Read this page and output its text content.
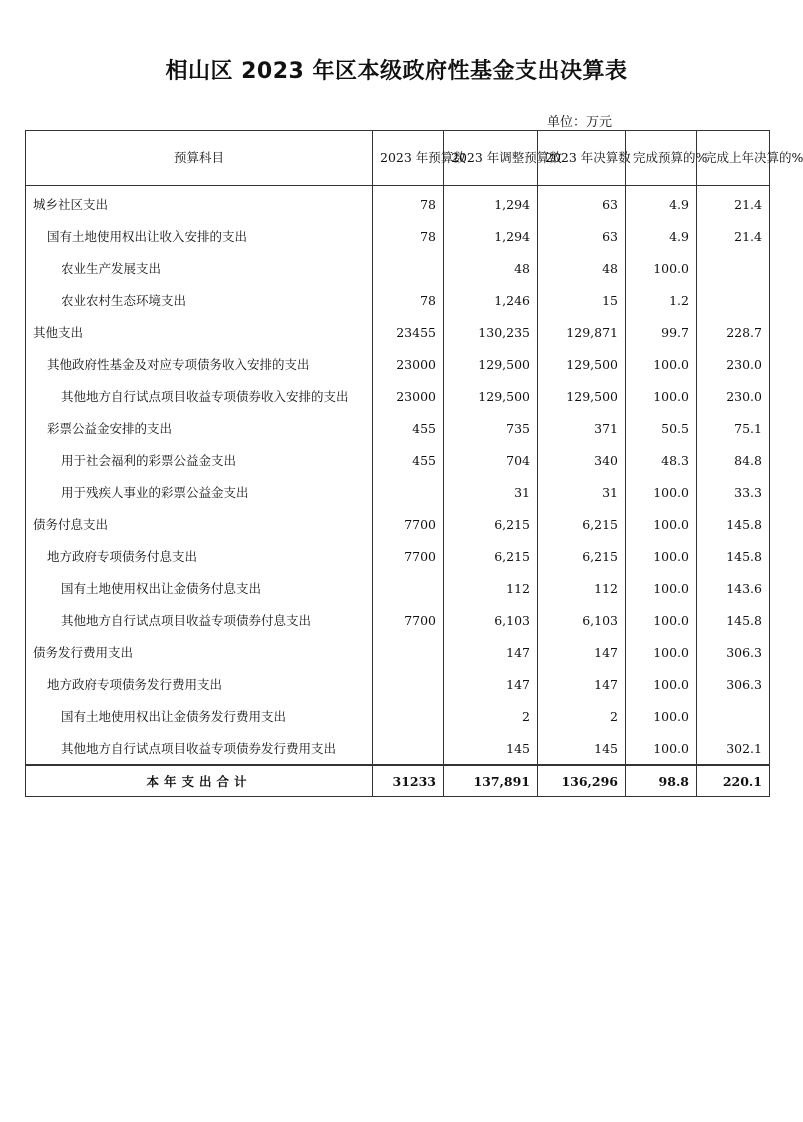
相山区 2023 年区本级政府性基金支出决算表
单位：万元
预算科目	2023 年预算数	2023 年调整预算数	2023 年决算数	完成预算的%	完成上年决算的%
城乡社区支出	78	1,294	63	4.9	21.4
国有土地使用权出让收入安排的支出	78	1,294	63	4.9	21.4
农业生产发展支出		48	48	100.0	
农业农村生态环境支出	78	1,246	15	1.2	
其他支出	23455	130,235	129,871	99.7	228.7
其他政府性基金及对应专项债务收入安排的支出	23000	129,500	129,500	100.0	230.0
其他地方自行试点项目收益专项债券收入安排的支出	23000	129,500	129,500	100.0	230.0
彩票公益金安排的支出	455	735	371	50.5	75.1
用于社会福利的彩票公益金支出	455	704	340	48.3	84.8
用于残疾人事业的彩票公益金支出		31	31	100.0	33.3
债务付息支出	7700	6,215	6,215	100.0	145.8
地方政府专项债务付息支出	7700	6,215	6,215	100.0	145.8
国有土地使用权出让金债务付息支出		112	112	100.0	143.6
其他地方自行试点项目收益专项债券付息支出	7700	6,103	6,103	100.0	145.8
债务发行费用支出		147	147	100.0	306.3
地方政府专项债务发行费用支出		147	147	100.0	306.3
国有土地使用权出让金债务发行费用支出		2	2	100.0	
其他地方自行试点项目收益专项债券发行费用支出		145	145	100.0	302.1
本年支出合计	31233	137,891	136,296	98.8	220.1
